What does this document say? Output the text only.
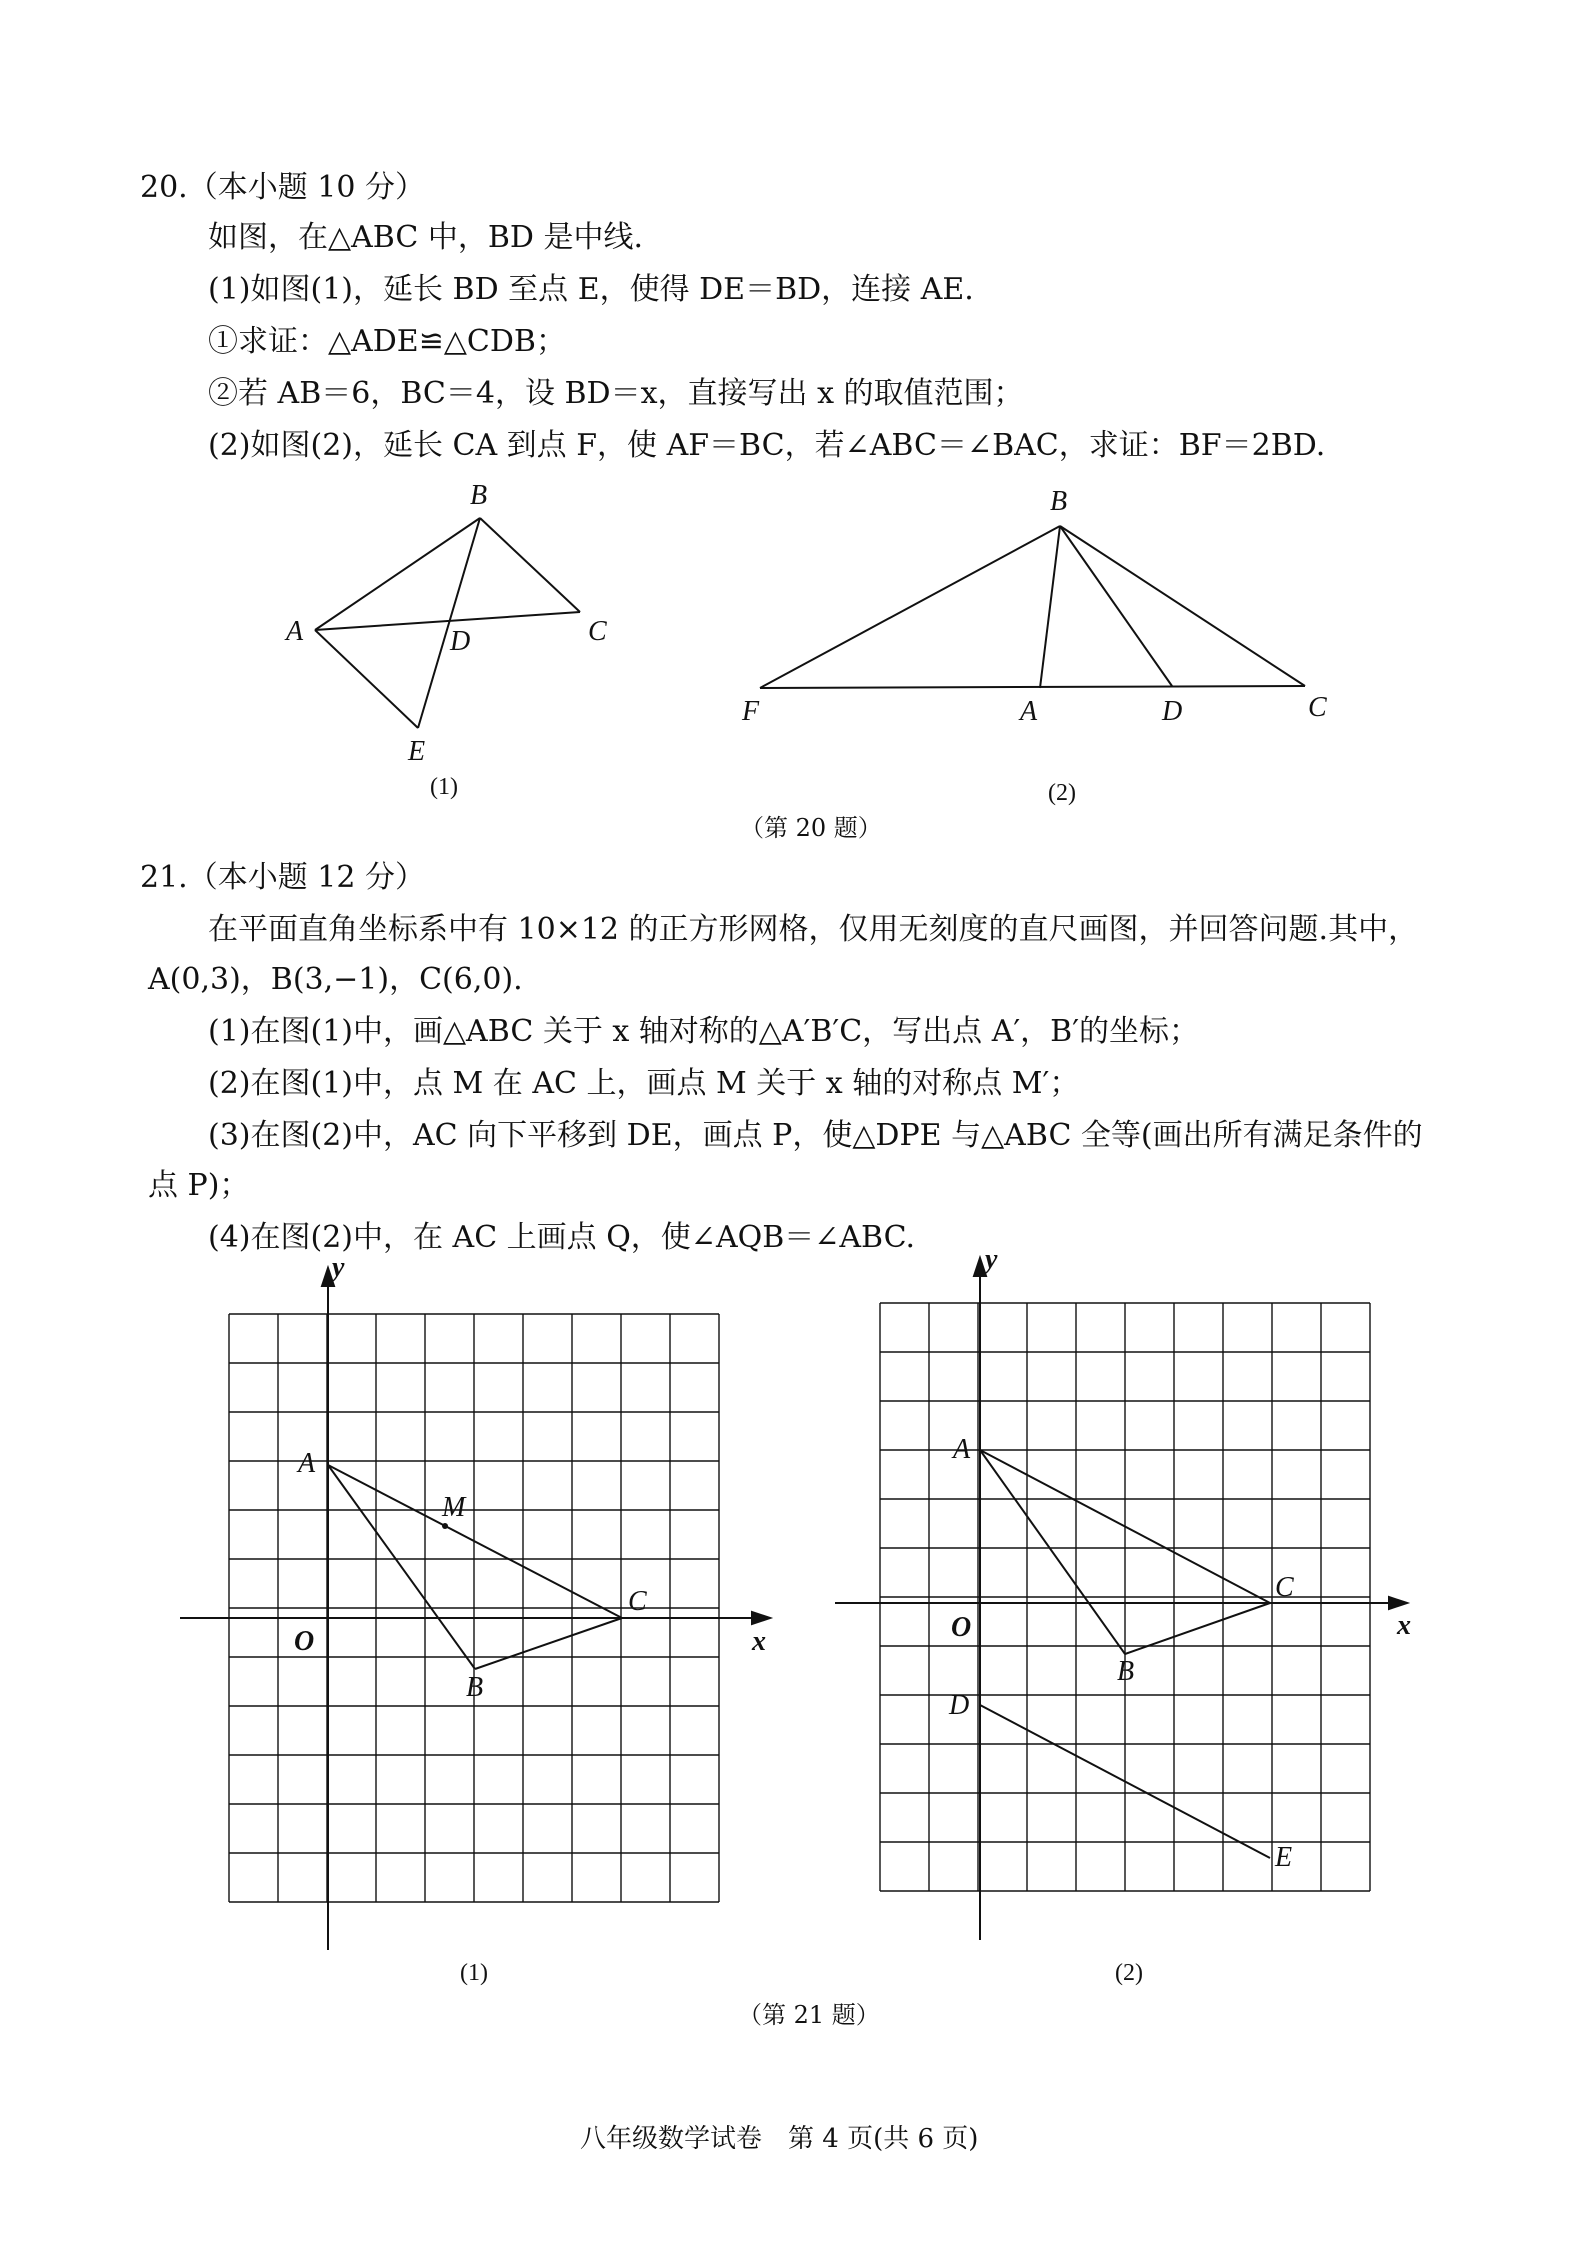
20.（本小题 10 分）
如图，在△ABC 中，BD 是中线.
(1)如图(1)，延长 BD 至点 E，使得 DE＝BD，连接 AE.
①求证：△ADE≌△CDB；
②若 AB＝6，BC＝4，设 BD＝x，直接写出 x 的取值范围；
(2)如图(2)，延长 CA 到点 F，使 AF＝BC，若∠ABC＝∠BAC，求证：BF＝2BD.
B
A	C
D
E
(1)
B
F	A	D	C
(2)
（第 20 题）
21.（本小题 12 分）
在平面直角坐标系中有 10×12 的正方形网格，仅用无刻度的直尺画图，并回答问题.其中，
A(0,3)，B(3,−1)，C(6,0).
(1)在图(1)中，画△ABC 关于 x 轴对称的△A′B′C，写出点 A′，B′的坐标；
(2)在图(1)中，点 M 在 AC 上，画点 M 关于 x 轴的对称点 M′；
(3)在图(2)中，AC 向下平移到 DE，画点 P，使△DPE 与△ABC 全等(画出所有满足条件的
点 P)；
(4)在图(2)中，在 AC 上画点 Q，使∠AQB＝∠ABC.
y
x
O
A
C
B
M
(1)
y
x
O
A
C
B
D
E
(2)
（第 21 题）
八年级数学试卷　第 4 页(共 6 页)
